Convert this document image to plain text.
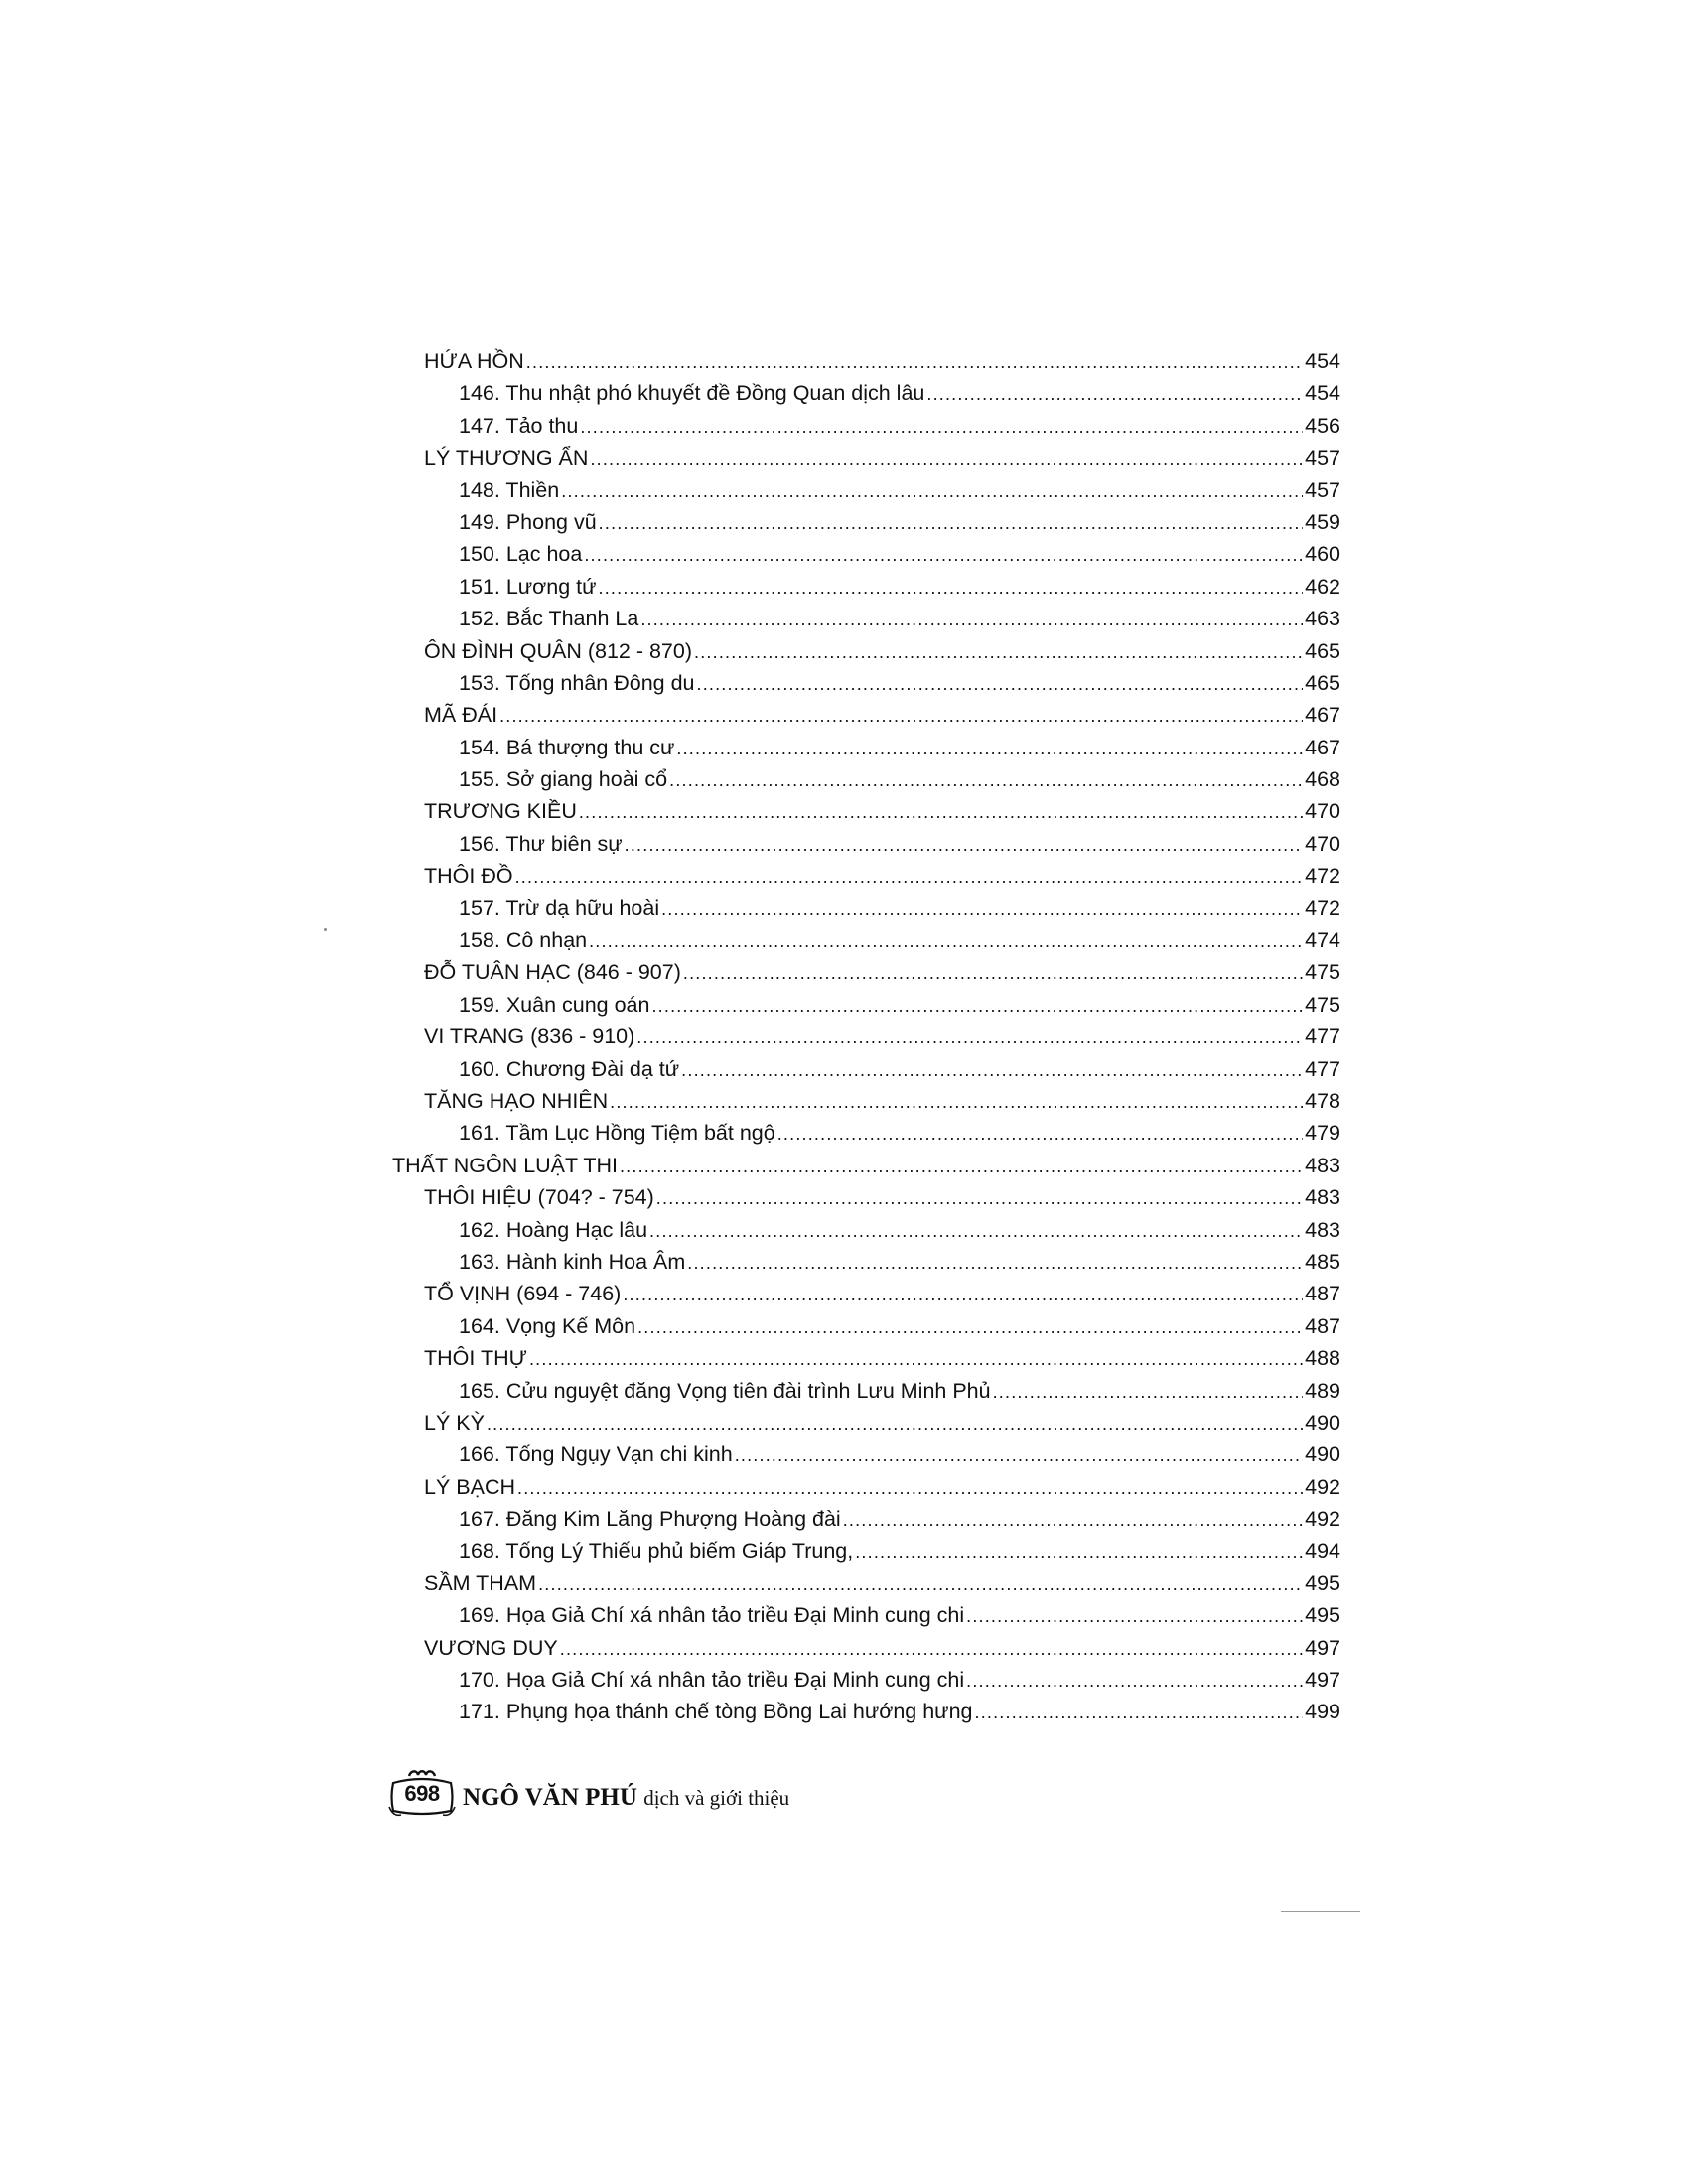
HỨA HỒN .....	454
146. Thu nhật phó khuyết đề Đồng Quan dịch lâu .....	454
147. Tảo thu .....	456
LÝ THƯƠNG ẨN .....	457
148. Thiền .....	457
149. Phong vũ .....	459
150. Lạc hoa .....	460
151. Lương tứ .....	462
152. Bắc Thanh La .....	463
ÔN ĐÌNH QUÂN (812 - 870) .....	465
153. Tống nhân Đông du .....	465
MÃ ĐÁI .....	467
154. Bá thượng thu cư .....	467
155. Sở giang hoài cổ .....	468
TRƯƠNG KIỀU .....	470
156. Thư biên sự .....	470
THÔI ĐỒ .....	472
157. Trừ dạ hữu hoài .....	472
158. Cô nhạn .....	474
ĐỖ TUÂN HẠC (846 - 907) .....	475
159. Xuân cung oán .....	475
VI TRANG (836 - 910) .....	477
160. Chương Đài dạ tứ .....	477
TĂNG HẠO NHIÊN .....	478
161. Tầm Lục Hồng Tiệm bất ngộ .....	479
THẤT NGÔN LUẬT THI .....	483
THÔI HIỆU (704? - 754) .....	483
162. Hoàng Hạc lâu .....	483
163. Hành kinh Hoa Âm .....	485
TỔ VỊNH (694 - 746) .....	487
164. Vọng Kế Môn .....	487
THÔI THỰ .....	488
165. Cửu nguyệt đăng Vọng tiên đài trình Lưu Minh Phủ .....	489
LÝ KỲ .....	490
166. Tống Ngụy Vạn chi kinh .....	490
LÝ BẠCH .....	492
167. Đăng Kim Lăng Phượng Hoàng đài .....	492
168. Tống Lý Thiếu phủ biếm Giáp Trung, .....	494
SẦM THAM .....	495
169. Họa Giả Chí xá nhân tảo triều Đại Minh cung chi .....	495
VƯƠNG DUY .....	497
170. Họa Giả Chí xá nhân tảo triều Đại Minh cung chi .....	497
171. Phụng họa thánh chế tòng Bồng Lai hướng hưng .....	499
698 NGÔ VĂN PHÚ dịch và giới thiệu
